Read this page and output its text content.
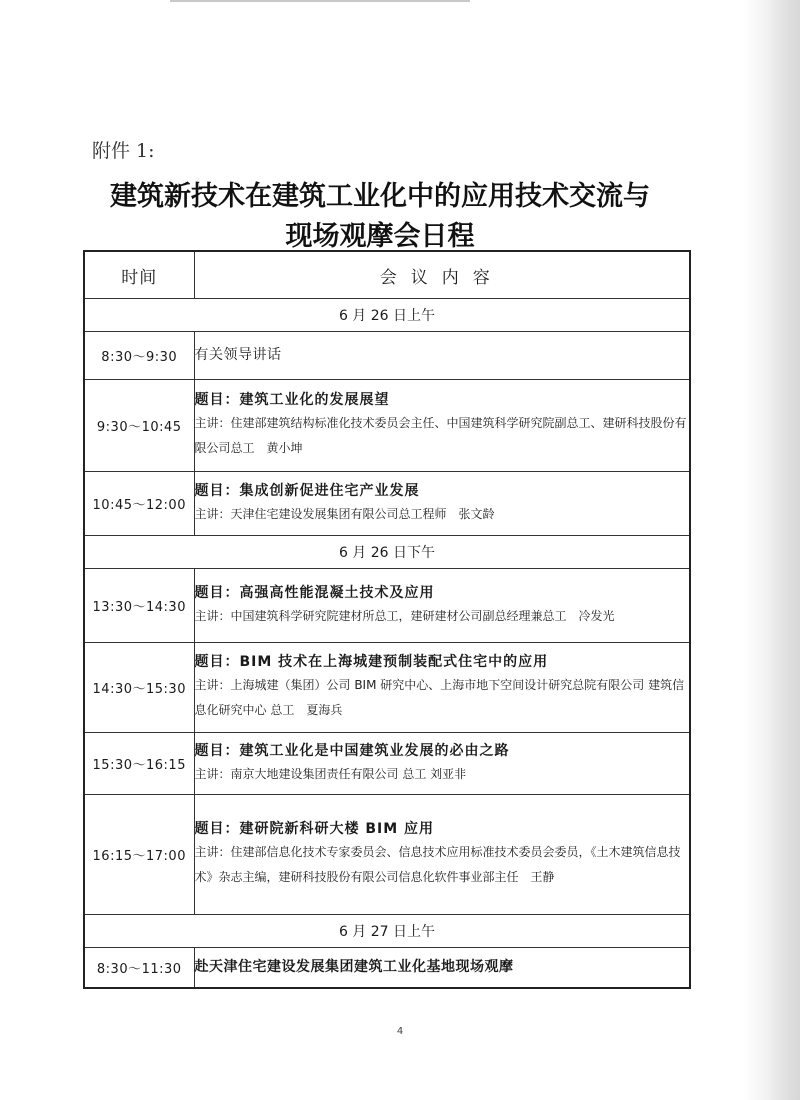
附件 1:
建筑新技术在建筑工业化中的应用技术交流与
现场观摩会日程
时间	会议内容
6 月 26 日上午	
8:30～9:30	有关领导讲话
9:30～10:45	题目：建筑工业化的发展展望
主讲：住建部建筑结构标准化技术委员会主任、中国建筑科学研究院副总工、建研科技股份有限公司总工　黄小坤

10:45～12:00	题目：集成创新促进住宅产业发展
主讲：天津住宅建设发展集团有限公司总工程师　张文龄

6 月 26 日下午	
13:30～14:30	题目：高强高性能混凝土技术及应用
主讲：中国建筑科学研究院建材所总工，建研建材公司副总经理兼总工　冷发光

14:30～15:30	题目：BIM 技术在上海城建预制装配式住宅中的应用
主讲：上海城建（集团）公司 BIM 研究中心、上海市地下空间设计研究总院有限公司 建筑信息化研究中心 总工　夏海兵

15:30～16:15	题目：建筑工业化是中国建筑业发展的必由之路
主讲：南京大地建设集团责任有限公司 总工 刘亚非

16:15～17:00	题目：建研院新科研大楼 BIM 应用
主讲：住建部信息化技术专家委员会、信息技术应用标准技术委员会委员，《土木建筑信息技术》杂志主编，建研科技股份有限公司信息化软件事业部主任　王静

6 月 27 日上午	
8:30～11:30	赴天津住宅建设发展集团建筑工业化基地现场观摩
4
